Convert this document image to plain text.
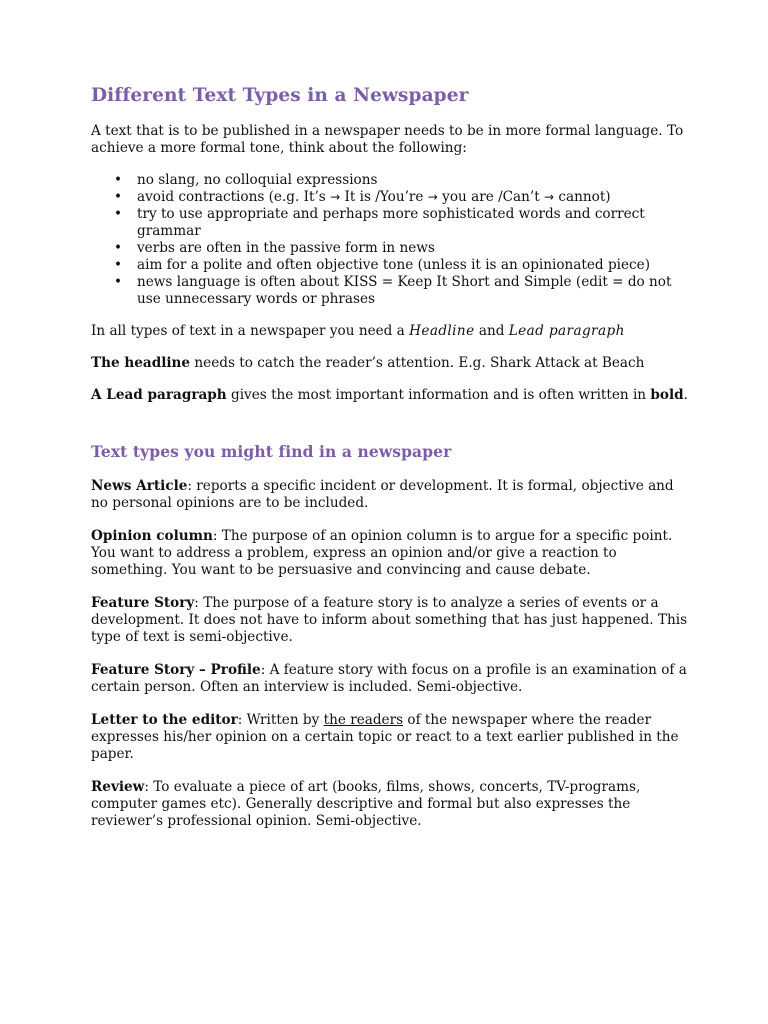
Different Text Types in a Newspaper

A text that is to be published in a newspaper needs to be in more formal language. To achieve a more formal tone, think about the following:

• no slang, no colloquial expressions
• avoid contractions (e.g. It’s → It is /You’re → you are /Can’t → cannot)
• try to use appropriate and perhaps more sophisticated words and correct grammar
• verbs are often in the passive form in news
• aim for a polite and often objective tone (unless it is an opinionated piece)
• news language is often about KISS = Keep It Short and Simple (edit = do not use unnecessary words or phrases

In all types of text in a newspaper you need a Headline and Lead paragraph

The headline needs to catch the reader’s attention. E.g. Shark Attack at Beach

A Lead paragraph gives the most important information and is often written in bold.

Text types you might find in a newspaper

News Article: reports a specific incident or development. It is formal, objective and no personal opinions are to be included.

Opinion column: The purpose of an opinion column is to argue for a specific point. You want to address a problem, express an opinion and/or give a reaction to something. You want to be persuasive and convincing and cause debate.

Feature Story: The purpose of a feature story is to analyze a series of events or a development. It does not have to inform about something that has just happened. This type of text is semi-objective.

Feature Story – Profile: A feature story with focus on a profile is an examination of a certain person. Often an interview is included. Semi-objective.

Letter to the editor: Written by the readers of the newspaper where the reader expresses his/her opinion on a certain topic or react to a text earlier published in the paper.

Review: To evaluate a piece of art (books, films, shows, concerts, TV-programs, computer games etc). Generally descriptive and formal but also expresses the reviewer’s professional opinion. Semi-objective.
